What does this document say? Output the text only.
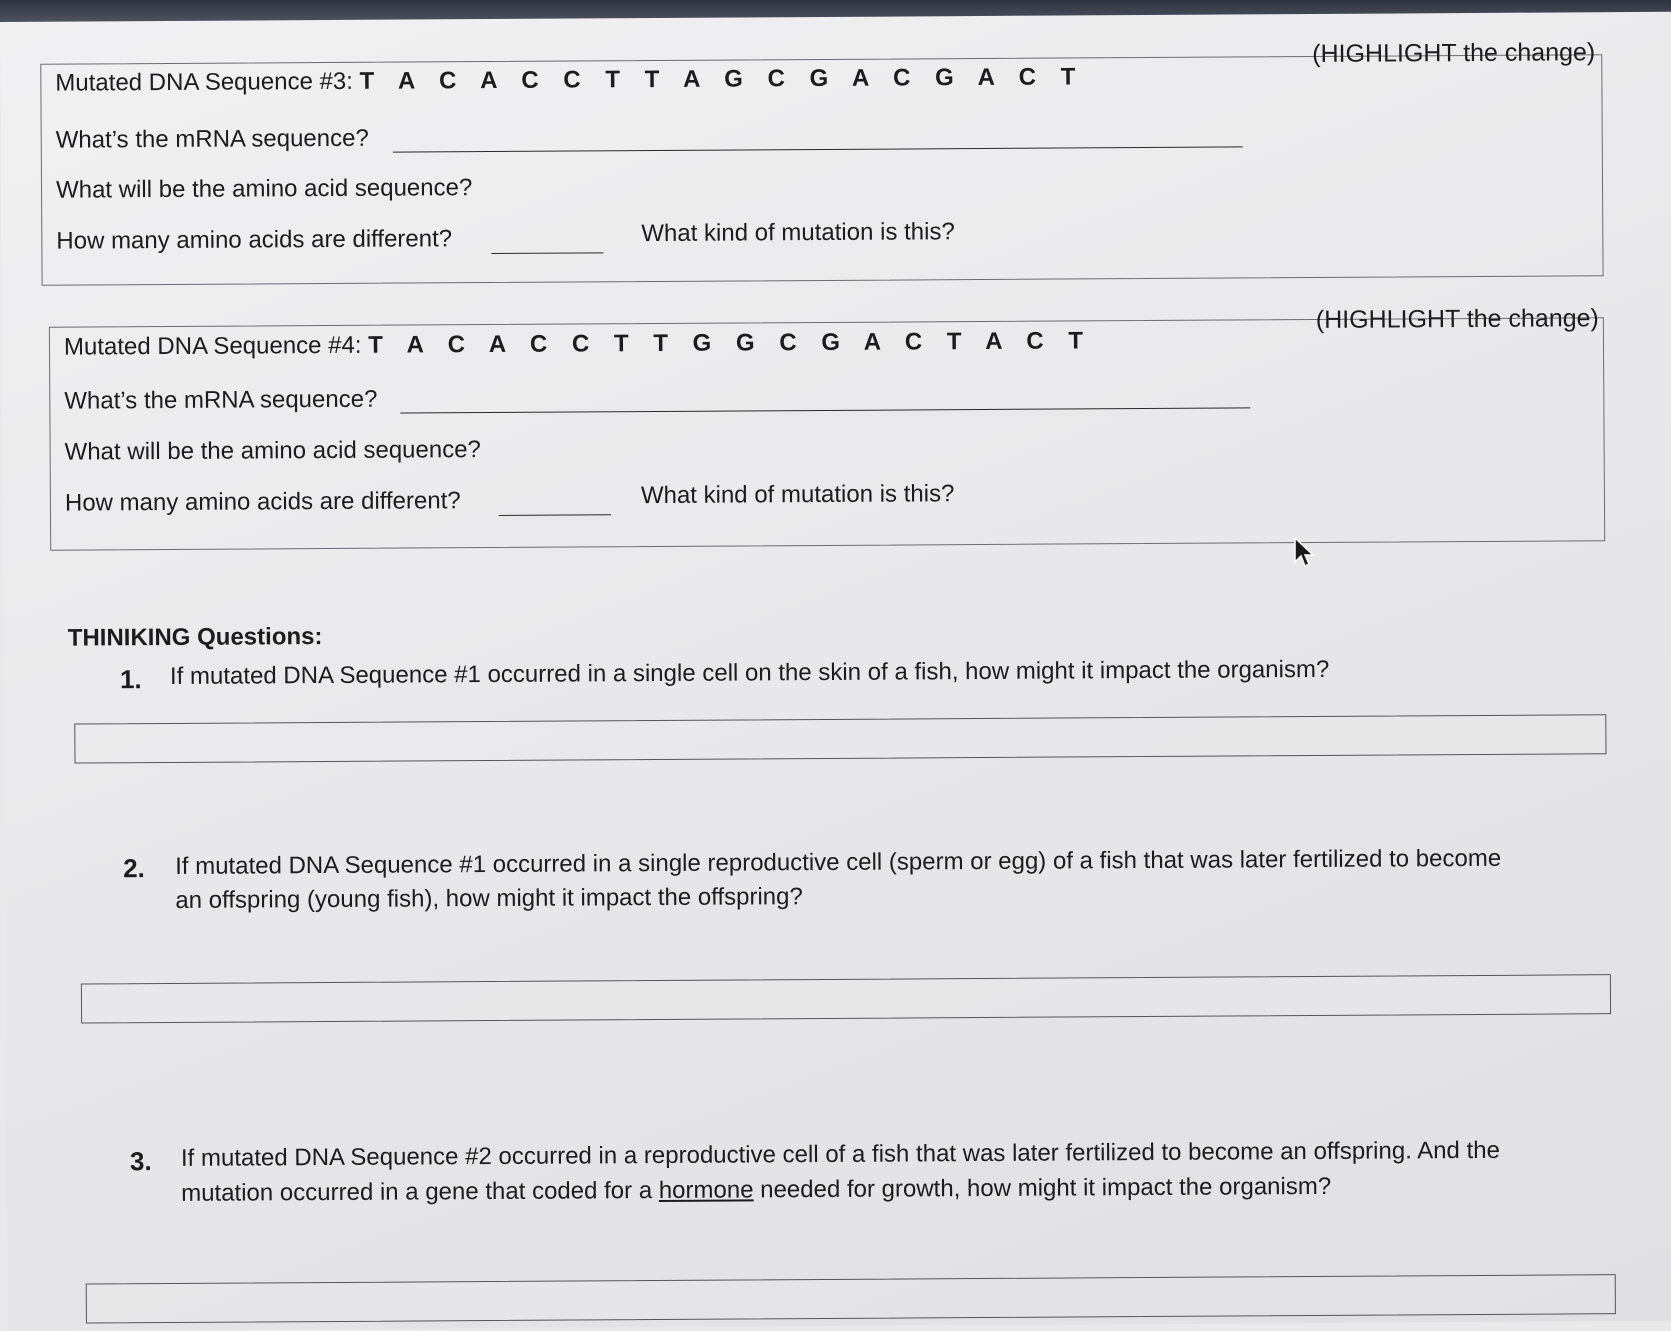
Mutated DNA Sequence #3: T A C A C C T T A G C G A C G A C T
(HIGHLIGHT the change)
What’s the mRNA sequence?
What will be the amino acid sequence?
How many amino acids are different?	What kind of mutation is this?
Mutated DNA Sequence #4: T A C A C C T T G G C G A C T A C T
(HIGHLIGHT the change)
What’s the mRNA sequence?
What will be the amino acid sequence?
How many amino acids are different?	What kind of mutation is this?
THINIKING Questions:
1. If mutated DNA Sequence #1 occurred in a single cell on the skin of a fish, how might it impact the organism?
2. If mutated DNA Sequence #1 occurred in a single reproductive cell (sperm or egg) of a fish that was later fertilized to become
an offspring (young fish), how might it impact the offspring?
3. If mutated DNA Sequence #2 occurred in a reproductive cell of a fish that was later fertilized to become an offspring. And the
mutation occurred in a gene that coded for a hormone needed for growth, how might it impact the organism?
